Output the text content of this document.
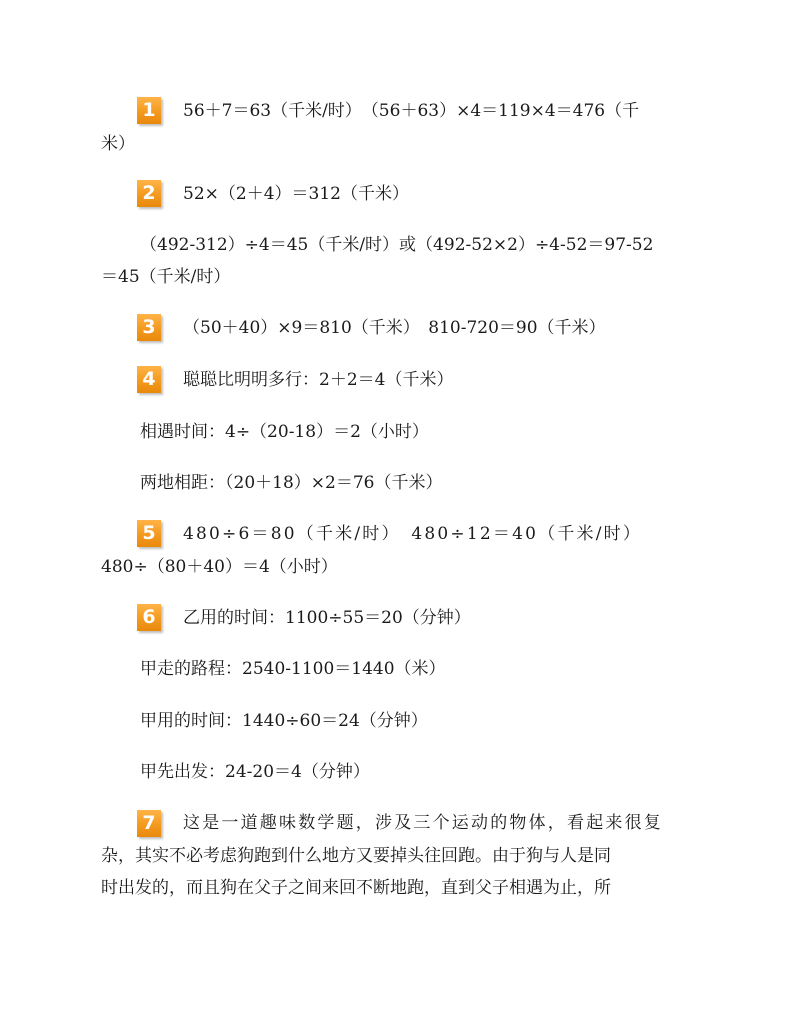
1	56＋7＝63（千米/时）　（56＋63）×4＝119×4＝476（千
米）
2	52×（2＋4）＝312（千米）
（492-312）÷4＝45（千米/时）或（492-52×2）÷4-52＝97-52
＝45（千米/时）
3	（50＋40）×9＝810（千米）　810-720＝90（千米）
4	聪聪比明明多行：2＋2＝4（千米）
相遇时间：4÷（20-18）＝2（小时）
两地相距：（20＋18）×2＝76（千米）
5	480÷6＝80（千米/时）　480÷12＝40（千米/时）
480÷（80＋40）＝4（小时）
6	乙用的时间：1100÷55＝20（分钟）
甲走的路程：2540-1100＝1440（米）
甲用的时间：1440÷60＝24（分钟）
甲先出发：24-20＝4（分钟）
7	这是一道趣味数学题，涉及三个运动的物体，看起来很复
杂，其实不必考虑狗跑到什么地方又要掉头往回跑。由于狗与人是同
时出发的，而且狗在父子之间来回不断地跑，直到父子相遇为止，所
